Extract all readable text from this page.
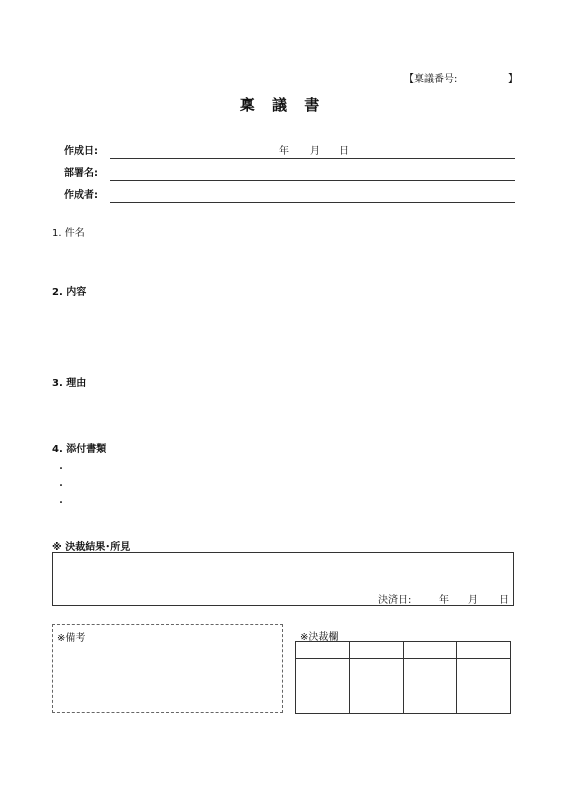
【稟議番号:	】
稟 議 書
作成日:	年 月 日
部署名:
作成者:
1. 件名
2. 内容
3. 理由
4. 添付書類
・
・
・
※ 決裁結果･所見
決済日:	年 月 日
※備考	※決裁欄
